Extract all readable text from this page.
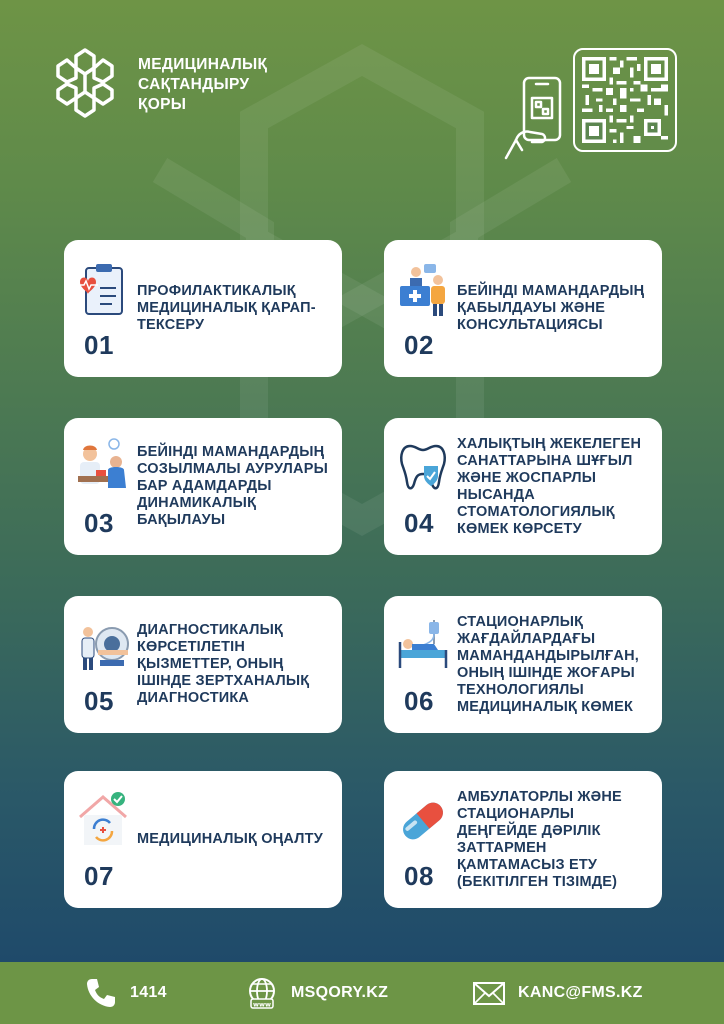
МЕДИЦИНАЛЫҚ
САҚТАНДЫРУ
ҚОРЫ
01
ПРОФИЛАКТИКАЛЫҚ МЕДИЦИНАЛЫҚ ҚАРАП-ТЕКСЕРУ
02
БЕЙІНДІ МАМАНДАРДЫҢ ҚАБЫЛДАУЫ ЖӘНЕ КОНСУЛЬТАЦИЯСЫ
03
БЕЙІНДІ МАМАНДАРДЫҢ СОЗЫЛМАЛЫ АУРУЛАРЫ БАР АДАМДАРДЫ ДИНАМИКАЛЫҚ БАҚЫЛАУЫ	04
ХАЛЫҚТЫҢ ЖЕКЕЛЕГЕН САНАТТАРЫНА ШҰҒЫЛ ЖӘНЕ ЖОСПАРЛЫ НЫСАНДА СТОМАТОЛОГИЯЛЫҚ КӨМЕК КӨРСЕТУ
05
ДИАГНОСТИКАЛЫҚ КӨРСЕТІЛЕТІН ҚЫЗМЕТТЕР, ОНЫҢ ІШІНДЕ ЗЕРТХАНАЛЫҚ ДИАГНОСТИКА	06
СТАЦИОНАРЛЫҚ ЖАҒДАЙЛАРДАҒЫ МАМАНДАНДЫРЫЛҒАН, ОНЫҢ ІШІНДЕ ЖОҒАРЫ ТЕХНОЛОГИЯЛЫ МЕДИЦИНАЛЫҚ КӨМЕК
07
МЕДИЦИНАЛЫҚ ОҢАЛТУ
08
АМБУЛАТОРЛЫ ЖӘНЕ СТАЦИОНАРЛЫ ДЕҢГЕЙДЕ ДӘРІЛІК ЗАТТАРМЕН ҚАМТАМАСЫЗ ЕТУ (БЕКІТІЛГЕН ТІЗІМДЕ)
1414
www
MSQORY.KZ	KANC@FMS.KZ
